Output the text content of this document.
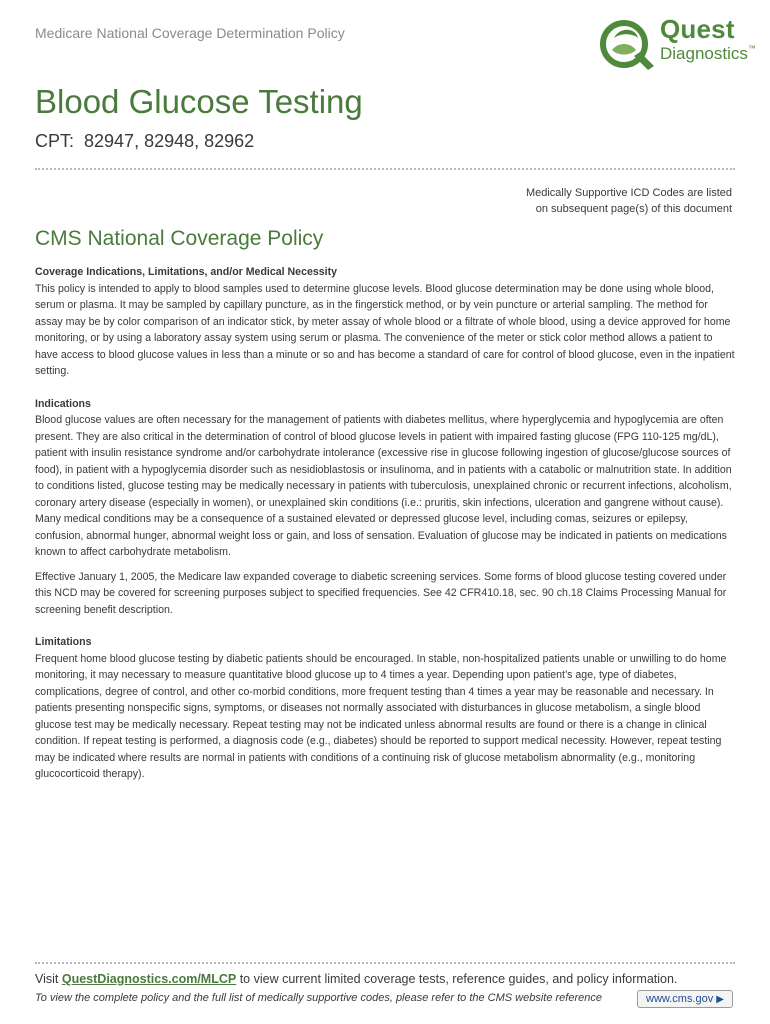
Medicare National Coverage Determination Policy	Quest
Diagnostics™
Blood Glucose Testing
CPT: 82947, 82948, 82962
Medically Supportive ICD Codes are listed
on subsequent page(s) of this document
CMS National Coverage Policy
Coverage Indications, Limitations, and/or Medical Necessity

This policy is intended to apply to blood samples used to determine glucose levels. Blood glucose determination may be done using whole blood, serum or plasma. It may be sampled by capillary puncture, as in the fingerstick method, or by vein puncture or arterial sampling. The method for assay may be by color comparison of an indicator stick, by meter assay of whole blood or a filtrate of whole blood, using a device approved for home monitoring, or by using a laboratory assay system using serum or plasma. The convenience of the meter or stick color method allows a patient to have access to blood glucose values in less than a minute or so and has become a standard of care for control of blood glucose, even in the inpatient setting.

Indications

Blood glucose values are often necessary for the management of patients with diabetes mellitus, where hyperglycemia and hypoglycemia are often present. They are also critical in the determination of control of blood glucose levels in patient with impaired fasting glucose (FPG 110-125 mg/dL), patient with insulin resistance syndrome and/or carbohydrate intolerance (excessive rise in glucose following ingestion of glucose/glucose sources of food), in patient with a hypoglycemia disorder such as nesidioblastosis or insulinoma, and in patients with a catabolic or malnutrition state. In addition to conditions listed, glucose testing may be medically necessary in patients with tuberculosis, unexplained chronic or recurrent infections, alcoholism, coronary artery disease (especially in women), or unexplained skin conditions (i.e.: pruritis, skin infections, ulceration and gangrene without cause). Many medical conditions may be a consequence of a sustained elevated or depressed glucose level, including comas, seizures or epilepsy, confusion, abnormal hunger, abnormal weight loss or gain, and loss of sensation. Evaluation of glucose may be indicated in patients on medications known to affect carbohydrate metabolism.

Effective January 1, 2005, the Medicare law expanded coverage to diabetic screening services. Some forms of blood glucose testing covered under this NCD may be covered for screening purposes subject to specified frequencies. See 42 CFR410.18, sec. 90 ch.18 Claims Processing Manual for screening benefit description.

Limitations

Frequent home blood glucose testing by diabetic patients should be encouraged. In stable, non-hospitalized patients unable or unwilling to do home monitoring, it may necessary to measure quantitative blood glucose up to 4 times a year. Depending upon patient’s age, type of diabetes, complications, degree of control, and other co-morbid conditions, more frequent testing than 4 times a year may be reasonable and necessary. In patients presenting nonspecific signs, symptoms, or diseases not normally associated with disturbances in glucose metabolism, a single blood glucose test may be medically necessary. Repeat testing may not be indicated unless abnormal results are found or there is a change in clinical condition. If repeat testing is performed, a diagnosis code (e.g., diabetes) should be reported to support medical necessity. However, repeat testing may be indicated where results are normal in patients with conditions of a continuing risk of glucose metabolism abnormality (e.g., monitoring glucocorticoid therapy).

Visit QuestDiagnostics.com/MLCP to view current limited coverage tests, reference guides, and policy information.
To view the complete policy and the full list of medically supportive codes, please refer to the CMS website reference	www.cms.gov ▶
